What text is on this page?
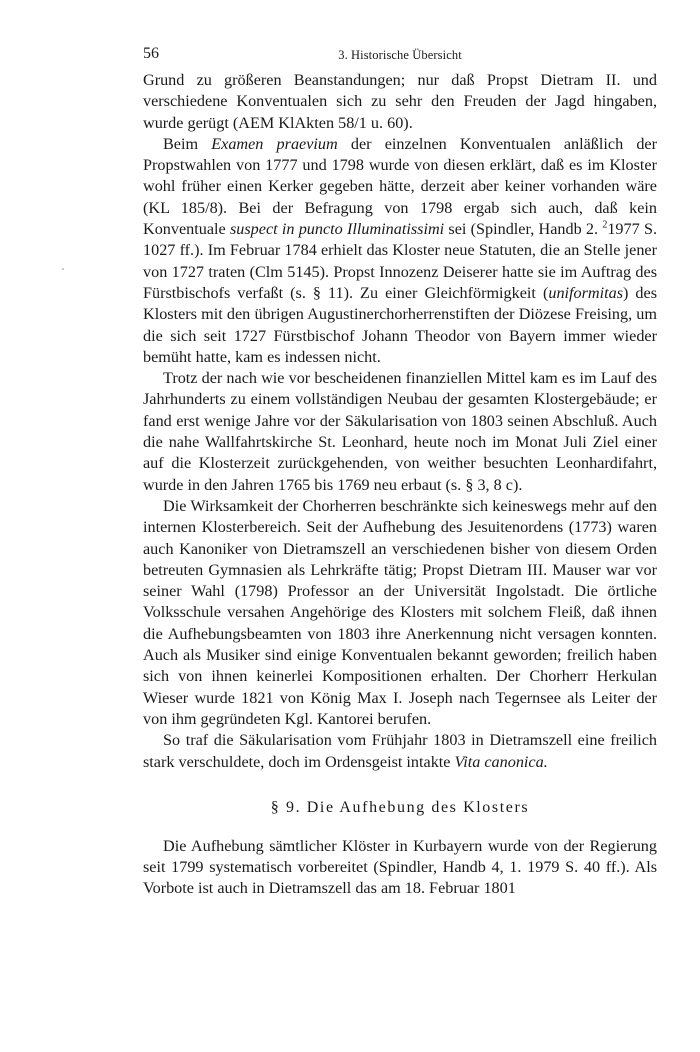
56	3. Historische Übersicht

Grund zu größeren Beanstandungen; nur daß Propst Dietram II. und verschiedene Konventualen sich zu sehr den Freuden der Jagd hingaben, wurde gerügt (AEM KlAkten 58/1 u. 60).

Beim Examen praevium der einzelnen Konventualen anläßlich der Propstwahlen von 1777 und 1798 wurde von diesen erklärt, daß es im Kloster wohl früher einen Kerker gegeben hätte, derzeit aber keiner vorhanden wäre (KL 185/8). Bei der Befragung von 1798 ergab sich auch, daß kein Konventuale suspect in puncto Illuminatissimi sei (Spindler, Handb 2. $^2$1977 S. 1027 ff.). Im Februar 1784 erhielt das Kloster neue Statuten, die an Stelle jener von 1727 traten (Clm 5145). Propst Innozenz Deiserer hatte sie im Auftrag des Fürstbischofs verfaßt (s. § 11). Zu einer Gleichförmigkeit (uniformitas) des Klosters mit den übrigen Augustinerchorherrenstiften der Diözese Freising, um die sich seit 1727 Fürstbischof Johann Theodor von Bayern immer wieder bemüht hatte, kam es indessen nicht.

Trotz der nach wie vor bescheidenen finanziellen Mittel kam es im Lauf des Jahrhunderts zu einem vollständigen Neubau der gesamten Klostergebäude; er fand erst wenige Jahre vor der Säkularisation von 1803 seinen Abschluß. Auch die nahe Wallfahrtskirche St. Leonhard, heute noch im Monat Juli Ziel einer auf die Klosterzeit zurückgehenden, von weither besuchten Leonhardifahrt, wurde in den Jahren 1765 bis 1769 neu erbaut (s. § 3, 8 c).

Die Wirksamkeit der Chorherren beschränkte sich keineswegs mehr auf den internen Klosterbereich. Seit der Aufhebung des Jesuitenordens (1773) waren auch Kanoniker von Dietramszell an verschiedenen bisher von diesem Orden betreuten Gymnasien als Lehrkräfte tätig; Propst Dietram III. Mauser war vor seiner Wahl (1798) Professor an der Universität Ingolstadt. Die örtliche Volksschule versahen Angehörige des Klosters mit solchem Fleiß, daß ihnen die Aufhebungsbeamten von 1803 ihre Anerkennung nicht versagen konnten. Auch als Musiker sind einige Konventualen bekannt geworden; freilich haben sich von ihnen keinerlei Kompositionen erhalten. Der Chorherr Herkulan Wieser wurde 1821 von König Max I. Joseph nach Tegernsee als Leiter der von ihm gegründeten Kgl. Kantorei berufen.

So traf die Säkularisation vom Frühjahr 1803 in Dietramszell eine freilich stark verschuldete, doch im Ordensgeist intakte Vita canonica.

§ 9. Die Aufhebung des Klosters

Die Aufhebung sämtlicher Klöster in Kurbayern wurde von der Regierung seit 1799 systematisch vorbereitet (Spindler, Handb 4, 1. 1979 S. 40 ff.). Als Vorbote ist auch in Dietramszell das am 18. Februar 1801
